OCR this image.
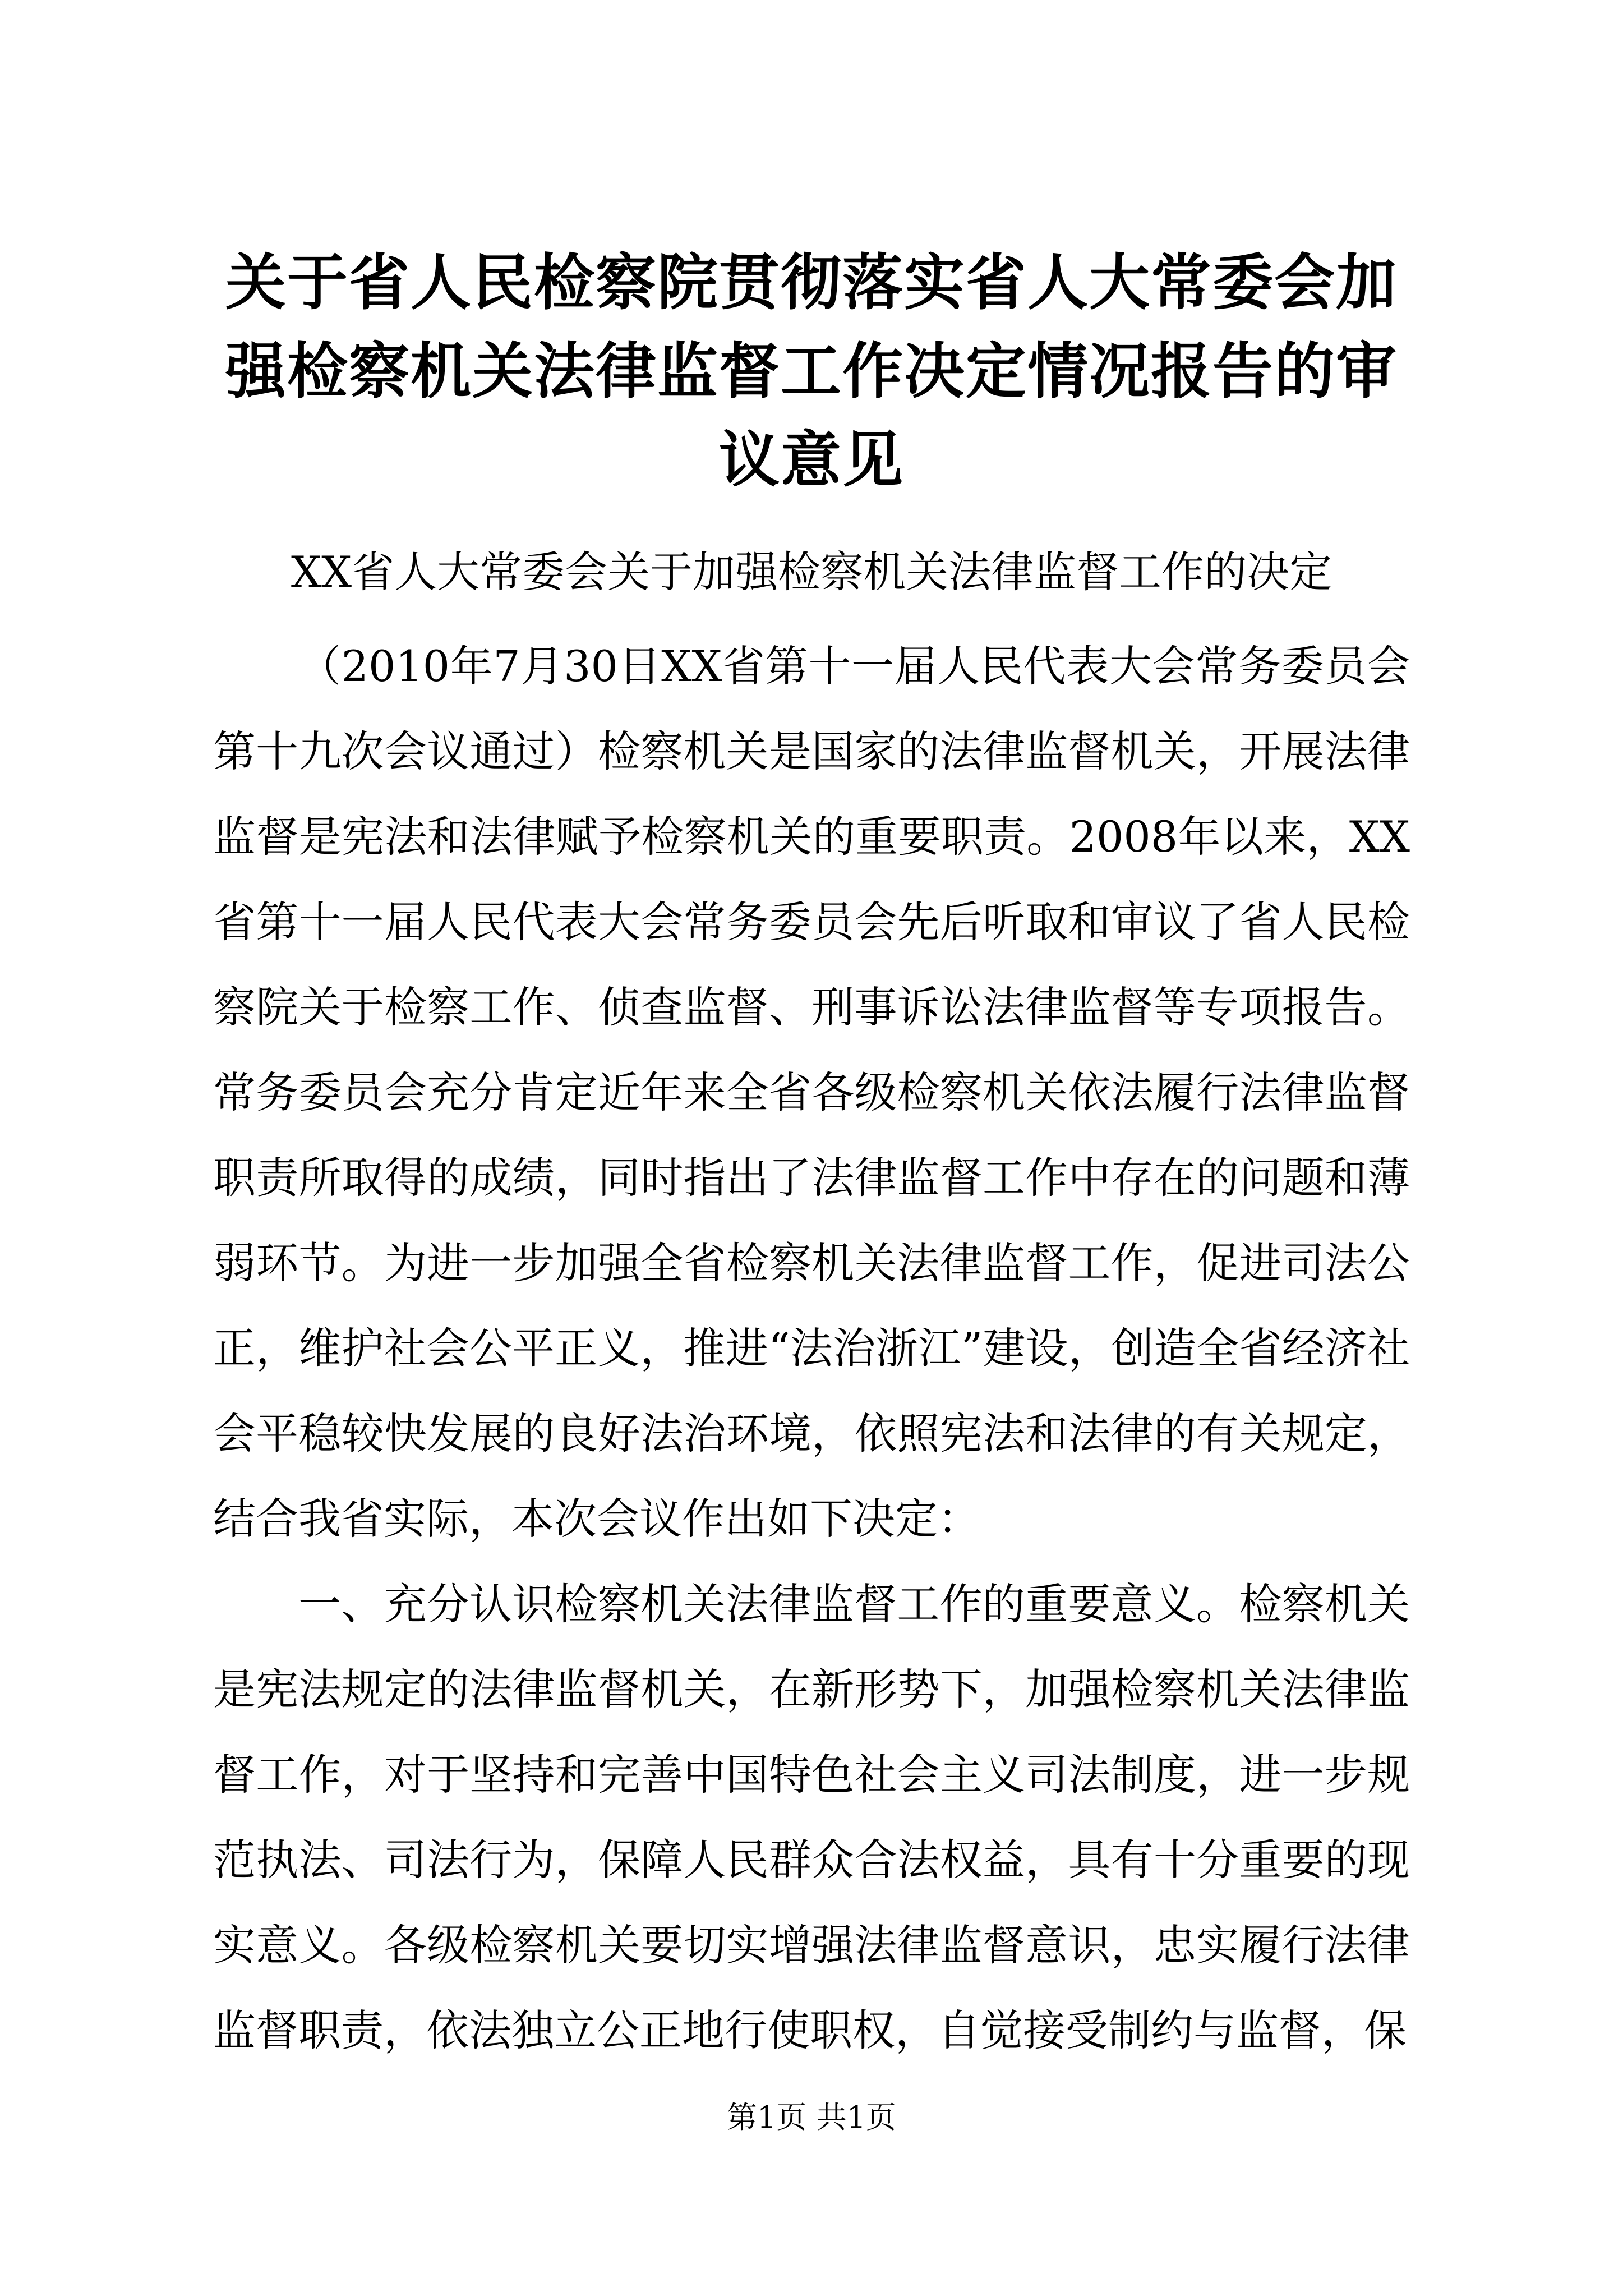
关于省人民检察院贯彻落实省人大常委会加强检察机关法律监督工作决定情况报告的审议意见

XX省人大常委会关于加强检察机关法律监督工作的决定

（2010年7月30日XX省第十一届人民代表大会常务委员会第十九次会议通过）检察机关是国家的法律监督机关，开展法律监督是宪法和法律赋予检察机关的重要职责。2008年以来，XX省第十一届人民代表大会常务委员会先后听取和审议了省人民检察院关于检察工作、侦查监督、刑事诉讼法律监督等专项报告。常务委员会充分肯定近年来全省各级检察机关依法履行法律监督职责所取得的成绩，同时指出了法律监督工作中存在的问题和薄弱环节。为进一步加强全省检察机关法律监督工作，促进司法公正，维护社会公平正义，推进“法治浙江”建设，创造全省经济社会平稳较快发展的良好法治环境，依照宪法和法律的有关规定，结合我省实际，本次会议作出如下决定：

一、充分认识检察机关法律监督工作的重要意义。检察机关是宪法规定的法律监督机关，在新形势下，加强检察机关法律监督工作，对于坚持和完善中国特色社会主义司法制度，进一步规范执法、司法行为，保障人民群众合法权益，具有十分重要的现实意义。各级检察机关要切实增强法律监督意识，忠实履行法律监督职责，依法独立公正地行使职权，自觉接受制约与监督，保

第1页 共1页
